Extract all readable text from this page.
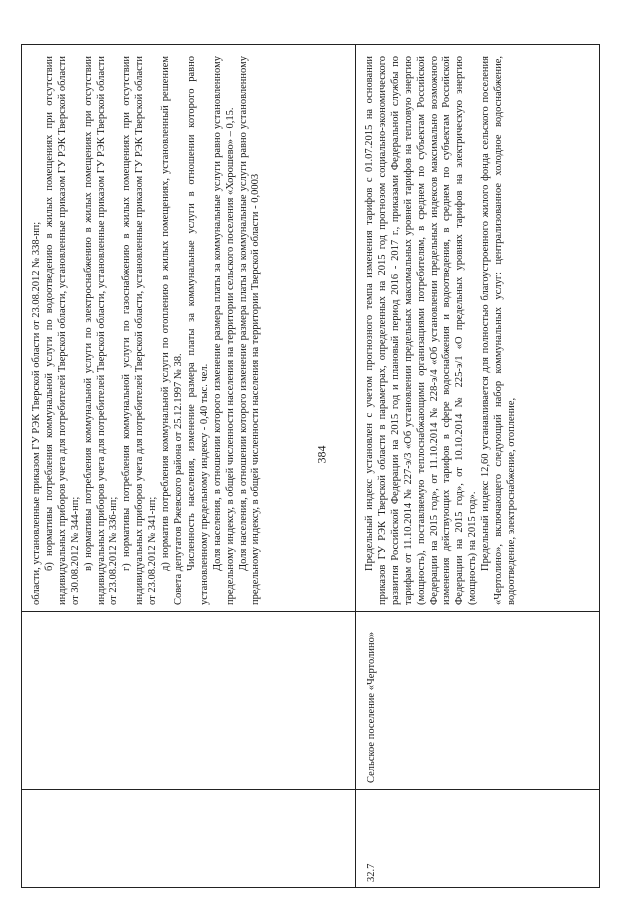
384

области, установленные приказом ГУ РЭК Тверской области от 23.08.2012 № 338-нп; б) нормативы потребления коммунальной услуги по водоотведению в жилых помещениях при отсутствии индивидуальных приборов учета для потребителей Тверской области, установленные приказом ГУ РЭК Тверской области от 30.08.2012 № 344-нп; в) нормативы потребления коммунальной услуги по электроснабжению в жилых помещениях при отсутствии индивидуальных приборов учета для потребителей Тверской области, установленные приказом ГУ РЭК Тверской области от 23.08.2012 № 336-нп; г) нормативы потребления коммунальной услуги по газоснабжению в жилых помещениях при отсутствии индивидуальных приборов учета для потребителей Тверской области, установленные приказом ГУ РЭК Тверской области от 23.08.2012 № 341-нп; д) норматив потребления коммунальной услуги по отоплению в жилых помещениях, установленный решением Совета депутатов Ржевского района от 25.12.1997 № 38. Численность населения, изменение размера платы за коммунальные услуги в отношении которого равно установленному предельному индексу - 0,40 тыс. чел. Доля населения, в отношении которого изменение размера платы за коммунальные услуги равно установленному предельному индексу, в общей численности населения на территории сельского поселения «Хорошево» – 0,15. Доля населения, в отношении которого изменение размера платы за коммунальные услуги равно установленному предельному индексу, в общей численности населения на территории Тверской области - 0,0003	Предельный индекс установлен с учетом прогнозного темпа изменения тарифов с 01.07.2015 на основании приказов ГУ РЭК Тверской области в параметрах, определенных на 2015 год прогнозом социально-экономического развития Российской Федерации на 2015 год и плановый период 2016 - 2017 г., приказами Федеральной службы по тарифам от 11.10.2014 № 227-э/3 «Об установлении предельных максимальных уровней тарифов на тепловую энергию (мощность), поставляемую теплоснабжающими организациями потребителям, в среднем по субъектам Российской Федерации на 2015 год», от 11.10.2014 № 228-э/4 «Об установлении предельных индексов максимально возможного изменения действующих тарифов в сфере водоснабжения и водоотведения, в среднем по субъектам Российской Федерации на 2015 год», от 10.10.2014 № 225-э/1 «О предельных уровнях тарифов на электрическую энергию (мощность) на 2015 год». Предельный индекс 12,60 устанавливается для полностью благоустроенного жилого фонда сельского поселения «Чертолино», включающего следующий набор коммунальных услуг: централизованное холодное водоснабжение, водоотведение, электроснабжение, отопление,

Сельское поселение «Чертолино»
32.7
